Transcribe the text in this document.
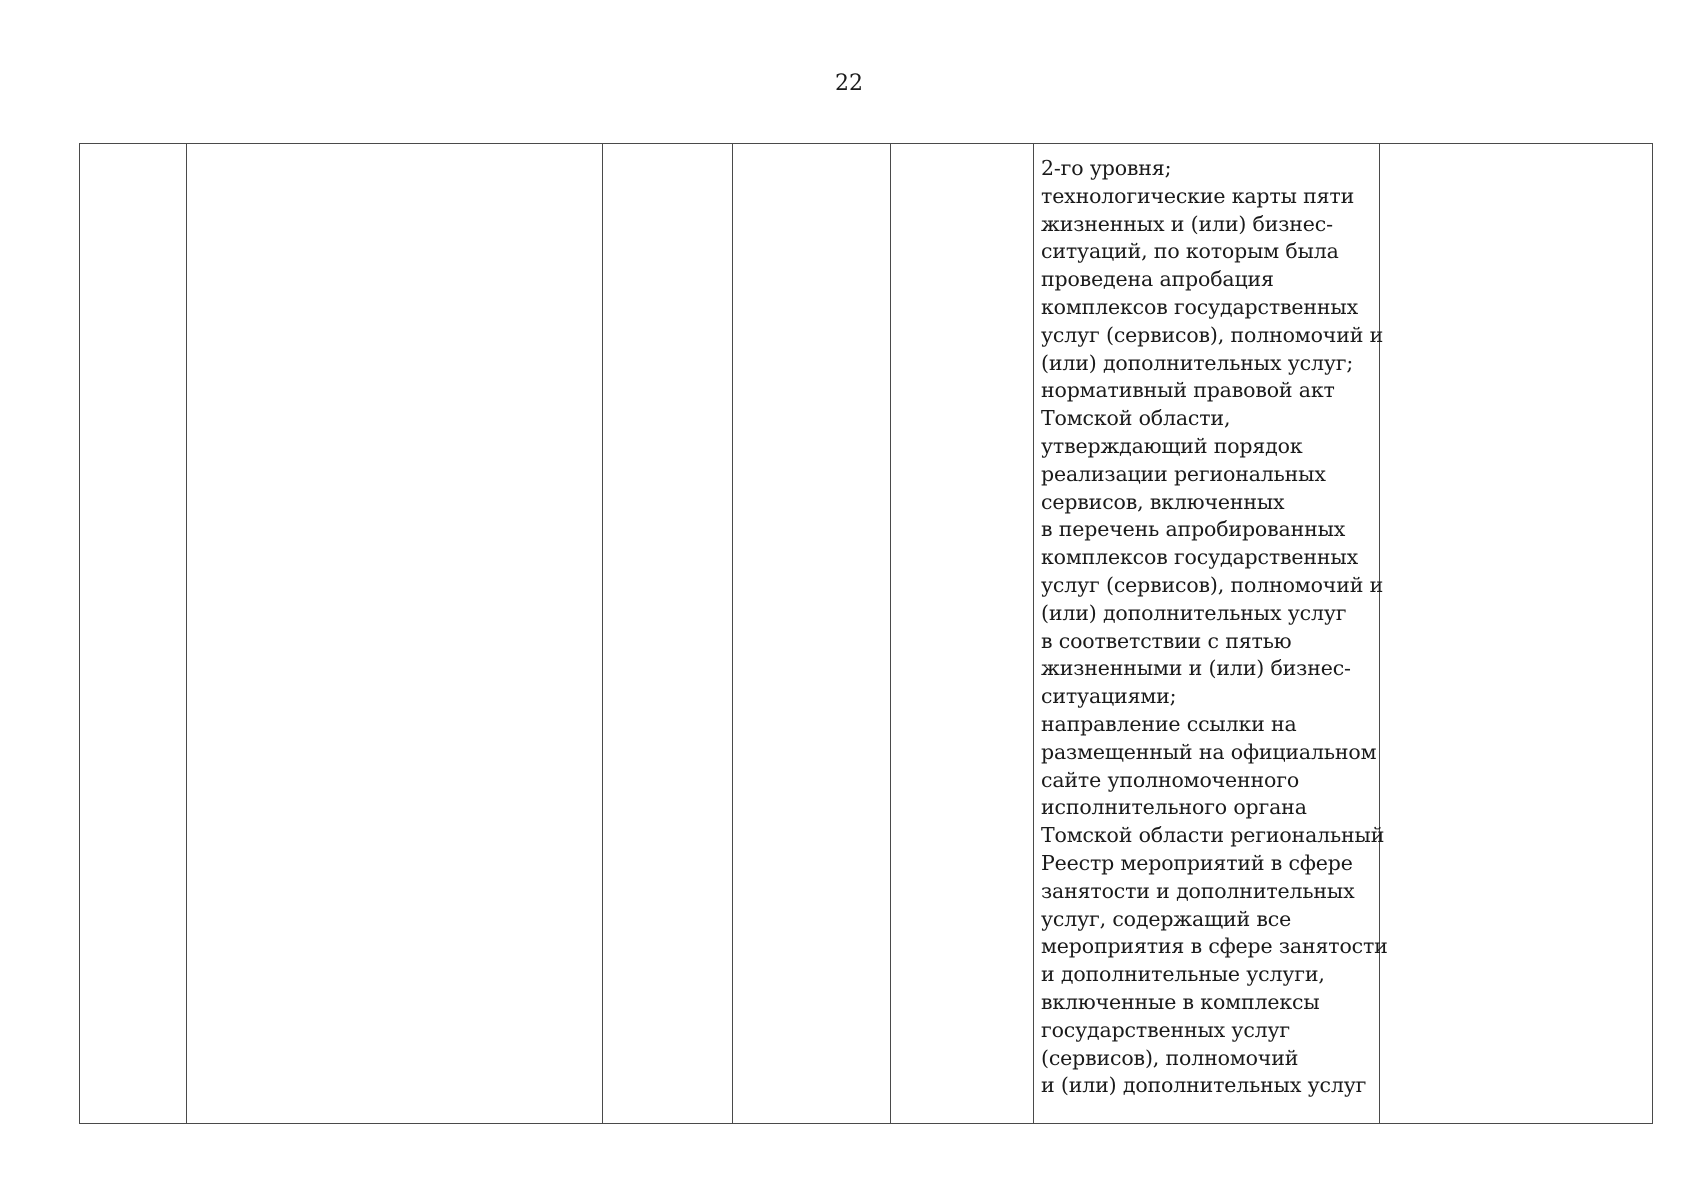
22

2-го уровня;
технологические карты пяти
жизненных и (или) бизнес-
ситуаций, по которым была
проведена апробация
комплексов государственных
услуг (сервисов), полномочий и
(или) дополнительных услуг;
нормативный правовой акт
Томской области,
утверждающий порядок
реализации региональных
сервисов, включенных
в перечень апробированных
комплексов государственных
услуг (сервисов), полномочий и
(или) дополнительных услуг
в соответствии с пятью
жизненными и (или) бизнес-
ситуациями;
направление ссылки на
размещенный на официальном
сайте уполномоченного
исполнительного органа
Томской области региональный
Реестр мероприятий в сфере
занятости и дополнительных
услуг, содержащий все
мероприятия в сфере занятости
и дополнительные услуги,
включенные в комплексы
государственных услуг
(сервисов), полномочий
и (или) дополнительных услуг
